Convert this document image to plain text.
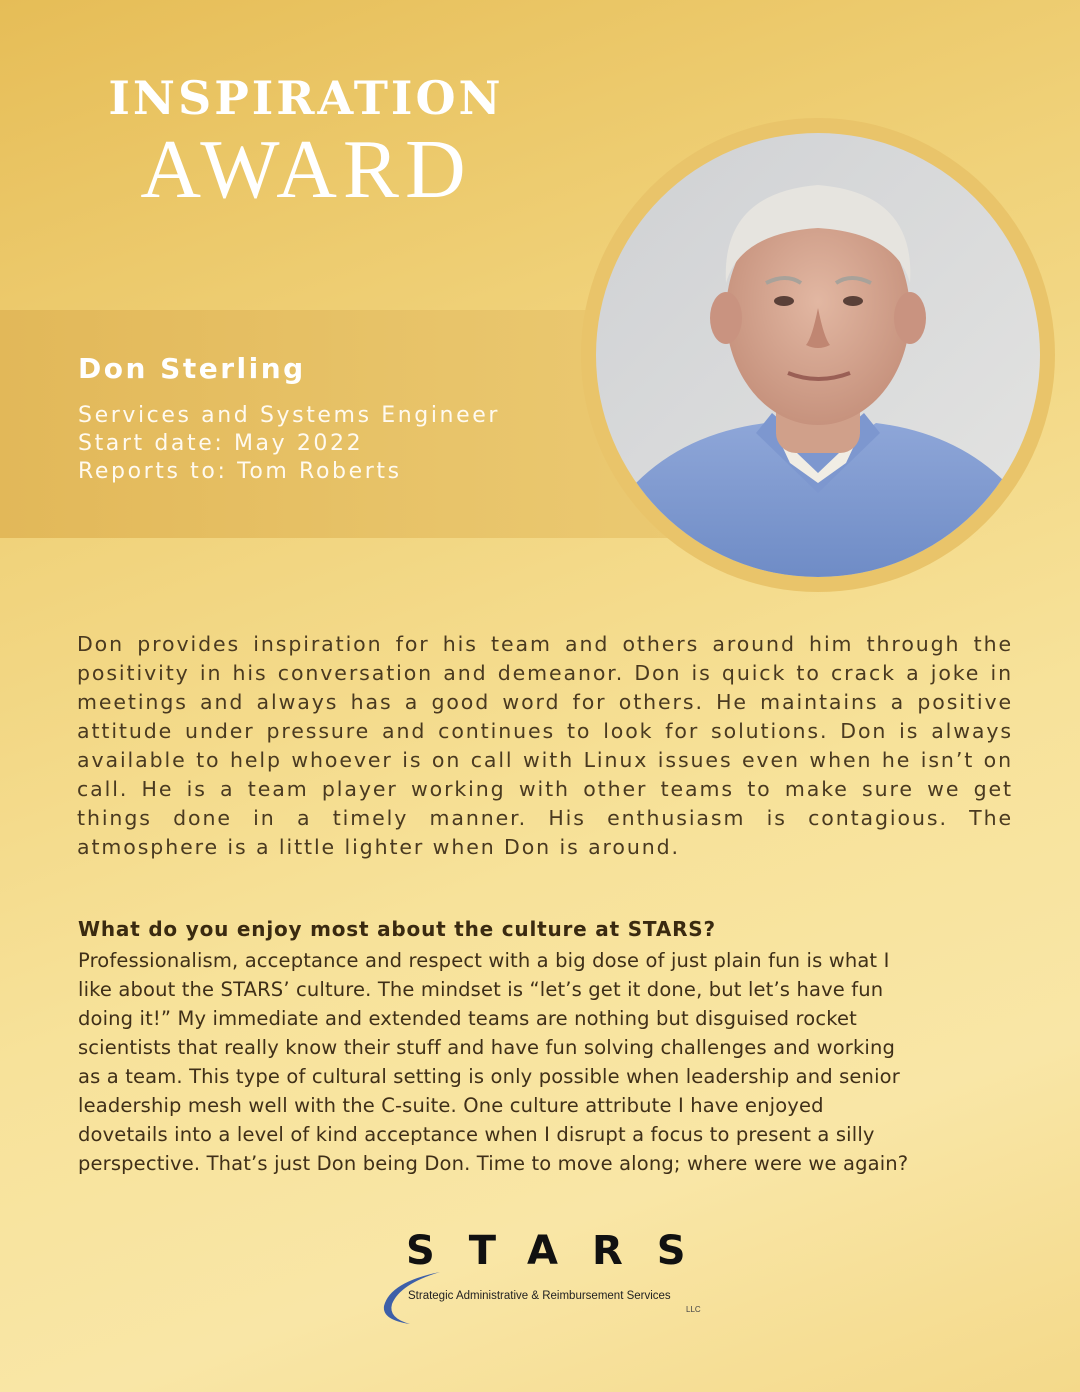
INSPIRATION
AWARD
Don Sterling
Services and Systems Engineer
Start date: May 2022
Reports to: Tom Roberts

Don provides inspiration for his team and others around him through the positivity in his conversation and demeanor. Don is quick to crack a joke in meetings and always has a good word for others. He maintains a positive attitude under pressure and continues to look for solutions. Don is always available to help whoever is on call with Linux issues even when he isn’t on call. He is a team player working with other teams to make sure we get things done in a timely manner. His enthusiasm is contagious. The atmosphere is a little lighter when Don is around.

What do you enjoy most about the culture at STARS?

Professionalism, acceptance and respect with a big dose of just plain fun is what I
like about the STARS’ culture. The mindset is “let’s get it done, but let’s have fun
doing it!” My immediate and extended teams are nothing but disguised rocket
scientists that really know their stuff and have fun solving challenges and working
as a team. This type of cultural setting is only possible when leadership and senior
leadership mesh well with the C-suite. One culture attribute I have enjoyed
dovetails into a level of kind acceptance when I disrupt a focus to present a silly
perspective. That’s just Don being Don. Time to move along; where were we again?
STARS
Strategic Administrative & Reimbursement Services
LLC
